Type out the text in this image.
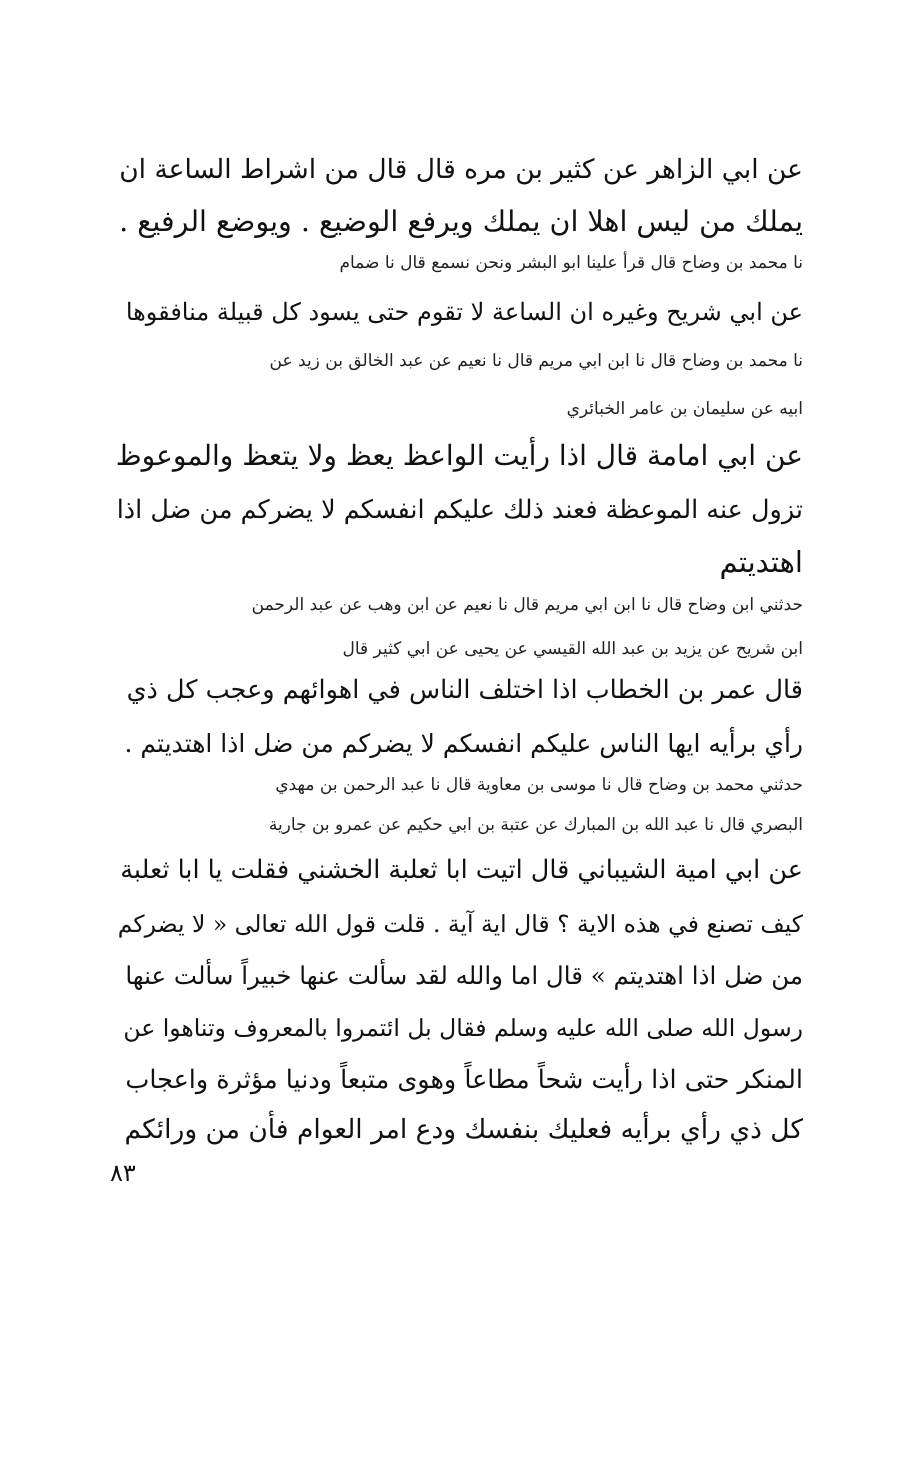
عن ابي الزاهر عن كثير بن مره قال قال من اشراط الساعة ان
يملك من ليس اهلا ان يملك ويرفع الوضيع . ويوضع الرفيع .
نا محمد بن وضاح قال قرأ علينا ابو البشر ونحن نسمع قال نا ضمام
عن ابي شريح وغيره ان الساعة لا تقوم حتى يسود كل قبيلة منافقوها
نا محمد بن وضاح قال نا ابن ابي مريم قال نا نعيم عن عبد الخالق بن زيد عن
ابيه عن سليمان بن عامر الخبائري
عن ابي امامة قال اذا رأيت الواعظ يعظ ولا يتعظ والموعوظ
تزول عنه الموعظة فعند ذلك عليكم انفسكم لا يضركم من ضل اذا
اهتديتم
حدثني ابن وضاح قال نا ابن ابي مريم قال نا نعيم عن ابن وهب عن عبد الرحمن
ابن شريح عن يزيد بن عبد الله القيسي عن يحيى عن ابي كثير قال
قال عمر بن الخطاب اذا اختلف الناس في اهوائهم وعجب كل ذي
رأي برأيه ايها الناس عليكم انفسكم لا يضركم من ضل اذا اهتديتم .
حدثني محمد بن وضاح قال نا موسى بن معاوية قال نا عبد الرحمن بن مهدي
البصري قال نا عبد الله بن المبارك عن عتبة بن ابي حكيم عن عمرو بن جارية
عن ابي امية الشيباني قال اتيت ابا ثعلبة الخشني فقلت يا ابا ثعلبة
كيف تصنع في هذه الاية ؟ قال اية آية . قلت قول الله تعالى « لا يضركم
من ضل اذا اهتديتم » قال اما والله لقد سألت عنها خبيراً سألت عنها
رسول الله صلى الله عليه وسلم فقال بل ائتمروا بالمعروف وتناهوا عن
المنكر حتى اذا رأيت شحاً مطاعاً وهوى متبعاً ودنيا مؤثرة واعجاب
كل ذي رأي برأيه فعليك بنفسك ودع امر العوام فأن من ورائكم
٨٣
